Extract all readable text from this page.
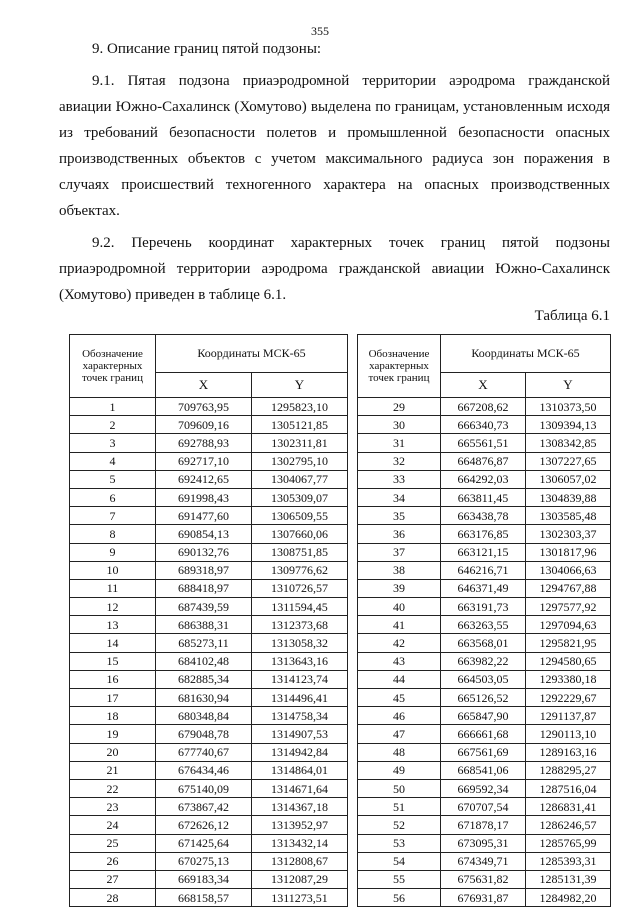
355

9. Описание границ пятой подзоны:

9.1. Пятая подзона приаэродромной территории аэродрома гражданской авиации Южно-Сахалинск (Хомутово) выделена по границам, установленным исходя из требований безопасности полетов и промышленной безопасности опасных производственных объектов с учетом максимального радиуса зон поражения в случаях происшествий техногенного характера на опасных производственных объектах.

9.2. Перечень координат характерных точек границ пятой подзоны приаэродромной территории аэродрома гражданской авиации Южно-Сахалинск (Хомутово) приведен в таблице 6.1.

Таблица 6.1
Обозначение характерных точек границ	Координаты МСК-65	
	X	Y
1	709763,95	1295823,10
2	709609,16	1305121,85
3	692788,93	1302311,81
4	692717,10	1302795,10
5	692412,65	1304067,77
6	691998,43	1305309,07
7	691477,60	1306509,55
8	690854,13	1307660,06
9	690132,76	1308751,85
10	689318,97	1309776,62
11	688418,97	1310726,57
12	687439,59	1311594,45
13	686388,31	1312373,68
14	685273,11	1313058,32
15	684102,48	1313643,16
16	682885,34	1314123,74
17	681630,94	1314496,41
18	680348,84	1314758,34
19	679048,78	1314907,53
20	677740,67	1314942,84
21	676434,46	1314864,01
22	675140,09	1314671,64
23	673867,42	1314367,18
24	672626,12	1313952,97
25	671425,64	1313432,14
26	670275,13	1312808,67
27	669183,34	1312087,29
28	668158,57	1311273,51
Обозначение характерных точек границ	Координаты МСК-65	
	X	Y
29	667208,62	1310373,50
30	666340,73	1309394,13
31	665561,51	1308342,85
32	664876,87	1307227,65
33	664292,03	1306057,02
34	663811,45	1304839,88
35	663438,78	1303585,48
36	663176,85	1302303,37
37	663121,15	1301817,96
38	646216,71	1304066,63
39	646371,49	1294767,88
40	663191,73	1297577,92
41	663263,55	1297094,63
42	663568,01	1295821,95
43	663982,22	1294580,65
44	664503,05	1293380,18
45	665126,52	1292229,67
46	665847,90	1291137,87
47	666661,68	1290113,10
48	667561,69	1289163,16
49	668541,06	1288295,27
50	669592,34	1287516,04
51	670707,54	1286831,41
52	671878,17	1286246,57
53	673095,31	1285765,99
54	674349,71	1285393,31
55	675631,82	1285131,39
56	676931,87	1284982,20
